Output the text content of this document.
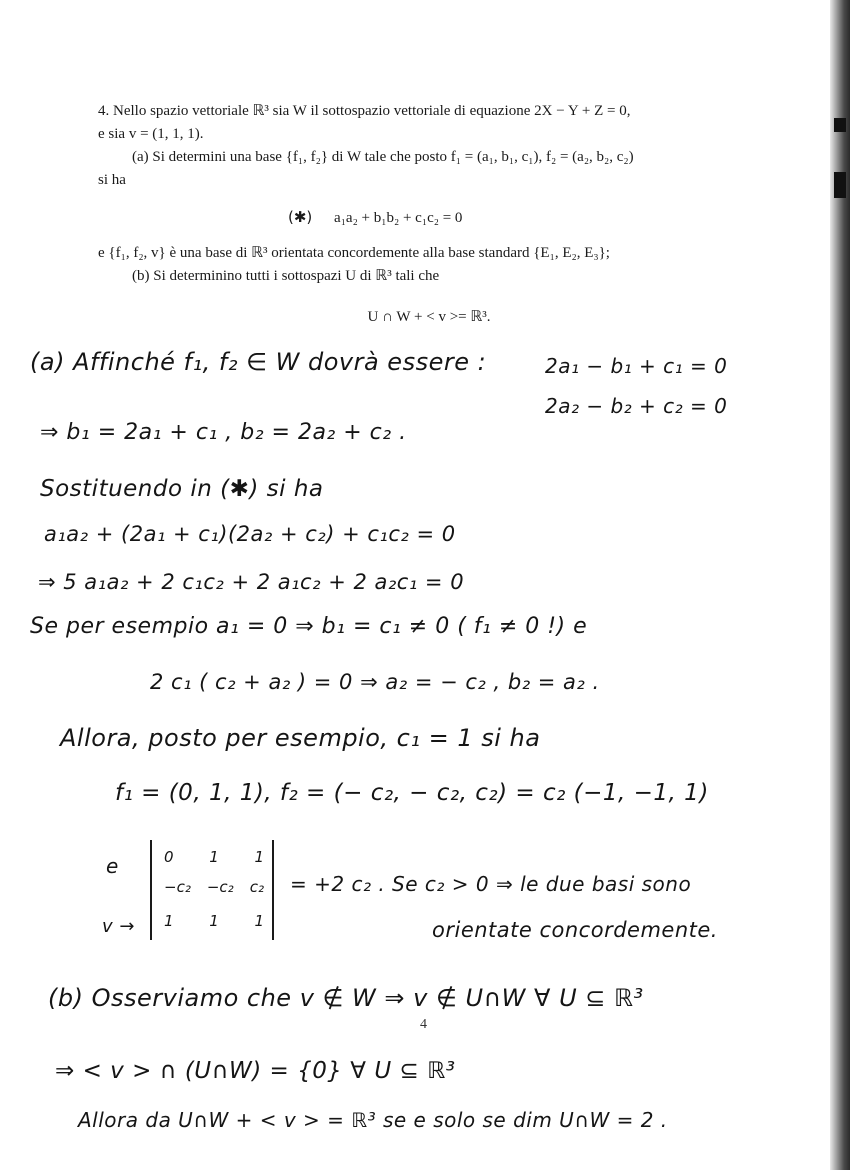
4. Nello spazio vettoriale ℝ³ sia W il sottospazio vettoriale di equazione 2X − Y + Z = 0,

e sia v = (1, 1, 1).

(a) Si determini una base {f₁, f₂} di W tale che posto f₁ = (a₁, b₁, c₁), f₂ = (a₂, b₂, c₂)

si ha

(✱) a₁a₂ + b₁b₂ + c₁c₂ = 0

e {f₁, f₂, v} è una base di ℝ³ orientata concordemente alla base standard {E₁, E₂, E₃};

(b) Si determinino tutti i sottospazi U di ℝ³ tali che

U ∩ W + < v >= ℝ³.

(a) Affinché f₁, f₂ ∈ W dovrà essere :	2a₁ − b₁ + c₁ = 0
2a₂ − b₂ + c₂ = 0
⇒ b₁ = 2a₁ + c₁ , b₂ = 2a₂ + c₂ .
Sostituendo in (✱) si ha
a₁a₂ + (2a₁ + c₁)(2a₂ + c₂) + c₁c₂ = 0
⇒ 5 a₁a₂ + 2 c₁c₂ + 2 a₁c₂ + 2 a₂c₁ = 0
Se per esempio a₁ = 0 ⇒ b₁ = c₁ ≠ 0 ( f₁ ≠ 0 !) e
2 c₁ ( c₂ + a₂ ) = 0 ⇒ a₂ = − c₂ , b₂ = a₂ .
Allora, posto per esempio, c₁ = 1 si ha
f₁ = (0, 1, 1), f₂ = (− c₂, − c₂, c₂) = c₂ (−1, −1, 1)
e
v →
0 1 1
−c₂ −c₂ c₂
1 1 1
= +2 c₂ . Se c₂ > 0 ⇒ le due basi sono
orientate concordemente.
(b) Osserviamo che v ∉ W ⇒ v ∉ U∩W ∀ U ⊆ ℝ³
4
⇒ < v > ∩ (U∩W) = {0} ∀ U ⊆ ℝ³
Allora da U∩W + < v > = ℝ³ se e solo se dim U∩W = 2 .
